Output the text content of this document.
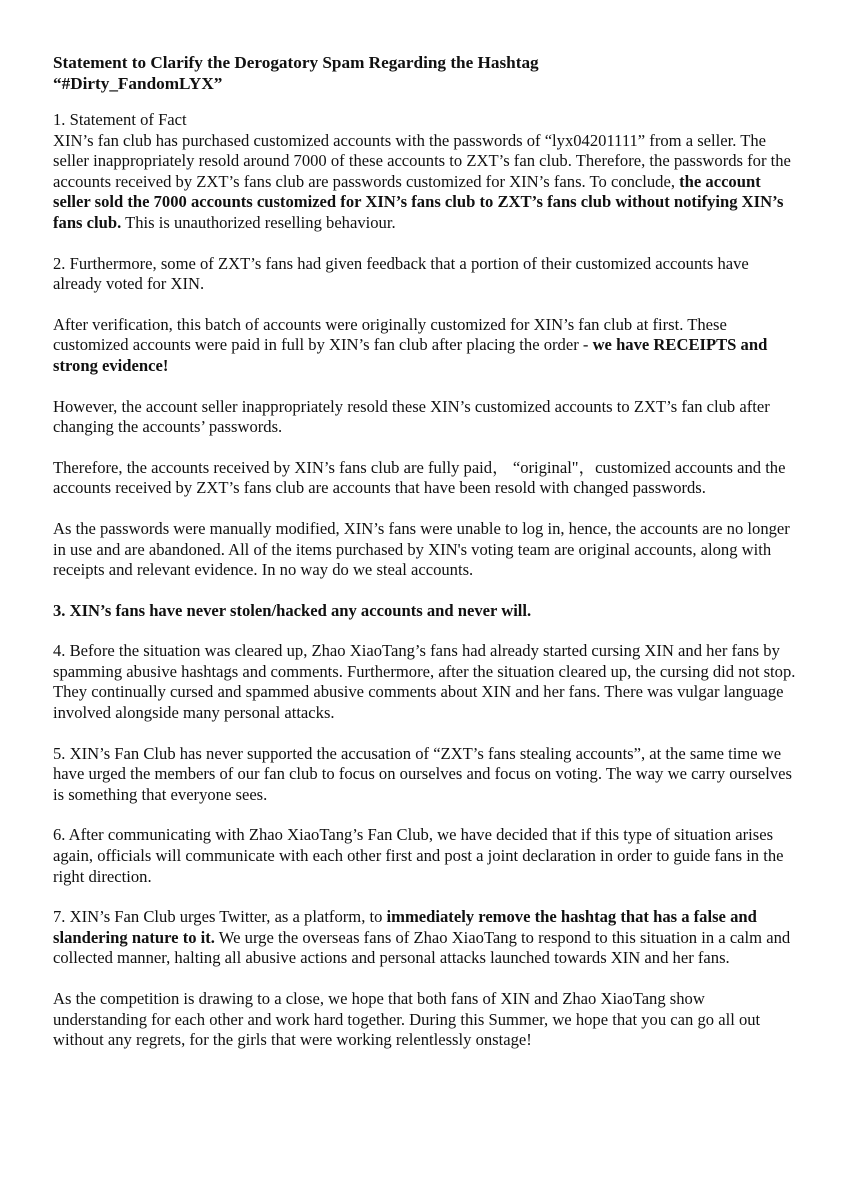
Statement to Clarify the Derogatory Spam Regarding the Hashtag
“#Dirty_FandomLYX”

1. Statement of Fact
XIN’s fan club has purchased customized accounts with the passwords of “lyx04201111” from a seller. The seller inappropriately resold around 7000 of these accounts to ZXT’s fan club. Therefore, the passwords for the accounts received by ZXT’s fans club are passwords customized for XIN’s fans. To conclude, the account seller sold the 7000 accounts customized for XIN’s fans club to ZXT’s fans club without notifying XIN’s fans club. This is unauthorized reselling behaviour.

2. Furthermore, some of ZXT’s fans had given feedback that a portion of their customized accounts have already voted for XIN.

After verification, this batch of accounts were originally customized for XIN’s fan club at first. These customized accounts were paid in full by XIN’s fan club after placing the order - we have RECEIPTS and strong evidence!

However, the account seller inappropriately resold these XIN’s customized accounts to ZXT’s fan club after changing the accounts’ passwords.

Therefore, the accounts received by XIN’s fans club are fully paid， “original"，customized accounts and the accounts received by ZXT’s fans club are accounts that have been resold with changed passwords.

As the passwords were manually modified, XIN’s fans were unable to log in, hence, the accounts are no longer in use and are abandoned. All of the items purchased by XIN's voting team are original accounts, along with receipts and relevant evidence. In no way do we steal accounts.

3. XIN’s fans have never stolen/hacked any accounts and never will.

4. Before the situation was cleared up, Zhao XiaoTang’s fans had already started cursing XIN and her fans by spamming abusive hashtags and comments. Furthermore, after the situation cleared up, the cursing did not stop. They continually cursed and spammed abusive comments about XIN and her fans. There was vulgar language involved alongside many personal attacks.

5. XIN’s Fan Club has never supported the accusation of “ZXT’s fans stealing accounts”, at the same time we have urged the members of our fan club to focus on ourselves and focus on voting. The way we carry ourselves is something that everyone sees.

6. After communicating with Zhao XiaoTang’s Fan Club, we have decided that if this type of situation arises again, officials will communicate with each other first and post a joint declaration in order to guide fans in the right direction.

7. XIN’s Fan Club urges Twitter, as a platform, to immediately remove the hashtag that has a false and slandering nature to it. We urge the overseas fans of Zhao XiaoTang to respond to this situation in a calm and collected manner, halting all abusive actions and personal attacks launched towards XIN and her fans.

As the competition is drawing to a close, we hope that both fans of XIN and Zhao XiaoTang show understanding for each other and work hard together. During this Summer, we hope that you can go all out without any regrets, for the girls that were working relentlessly onstage!
